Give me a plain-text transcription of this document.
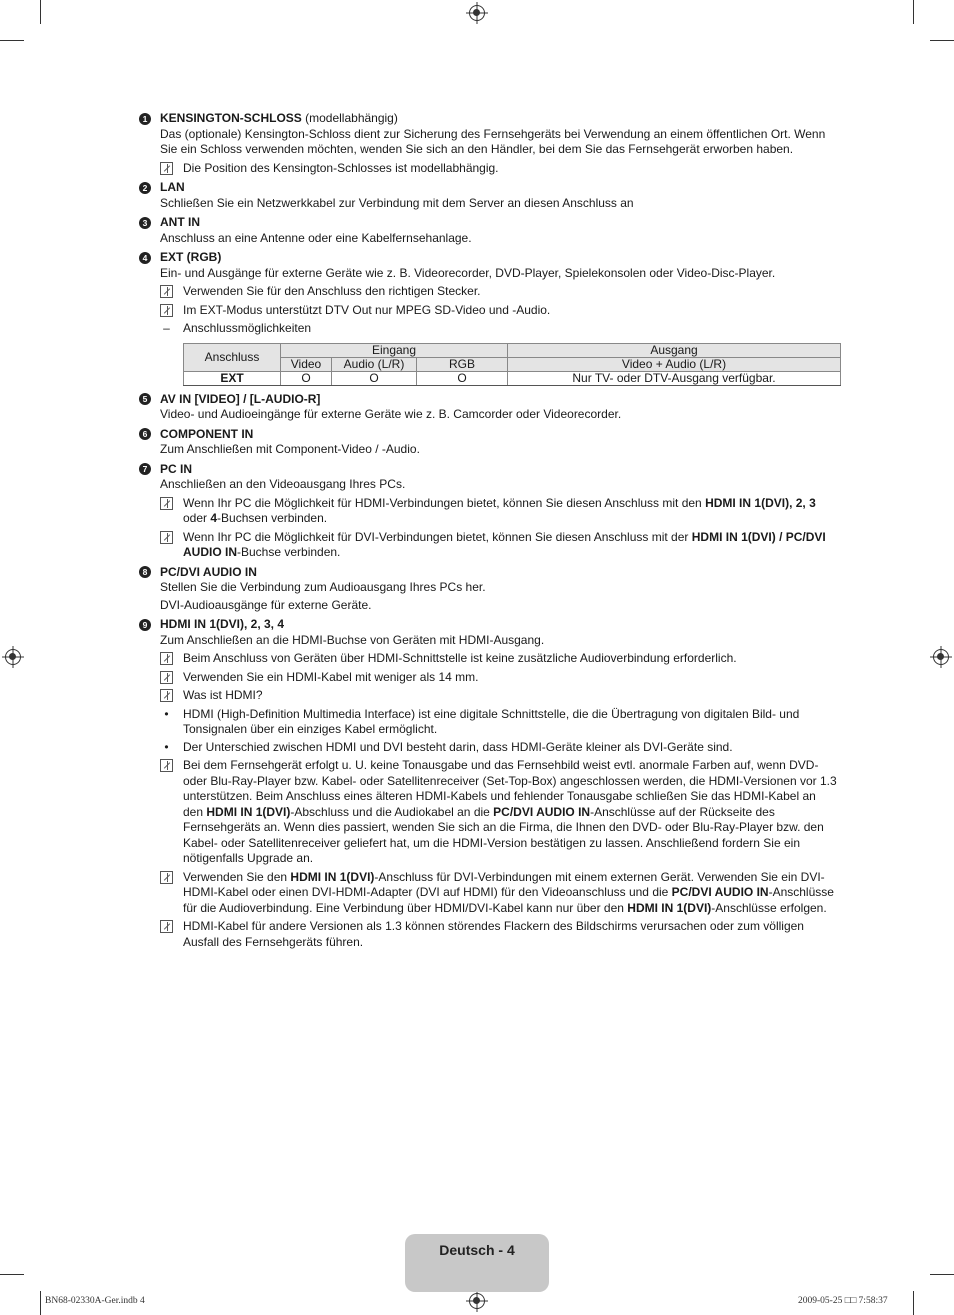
1	KENSINGTON-SCHLOSS (modellabhängig)

Das (optionale) Kensington-Schloss dient zur Sicherung des Fernsehgeräts bei Verwendung an einem öffentlichen Ort. Wenn Sie ein Schloss verwenden möchten, wenden Sie sich an den Händler, bei dem Sie das Fernsehgerät erworben haben.

Die Position des Kensington-Schlosses ist modellabhängig.
2	LAN

Schließen Sie ein Netzwerkkabel zur Verbindung mit dem Server an diesen Anschluss an

3	ANT IN

Anschluss an eine Antenne oder eine Kabelfernsehanlage.

4	EXT (RGB)

Ein- und Ausgänge für externe Geräte wie z. B. Videorecorder, DVD-Player, Spielekonsolen oder Video-Disc-Player.

Verwenden Sie für den Anschluss den richtigen Stecker.
Im EXT-Modus unterstützt DTV Out nur MPEG SD-Video und -Audio.
– Anschlussmöglichkeiten
Anschluss	Eingang			Ausgang
	Video	Audio (L/R)	RGB	Video + Audio (L/R)
EXT	O	O	O	Nur TV- oder DTV-Ausgang verfügbar.
5	AV IN [VIDEO] / [L-AUDIO-R]

Video- und Audioeingänge für externe Geräte wie z. B. Camcorder oder Videorecorder.

6	COMPONENT IN

Zum Anschließen mit Component-Video / -Audio.

7	PC IN

Anschließen an den Videoausgang Ihres PCs.

Wenn Ihr PC die Möglichkeit für HDMI-Verbindungen bietet, können Sie diesen Anschluss mit den HDMI IN 1(DVI), 2, 3 oder 4-Buchsen verbinden.
Wenn Ihr PC die Möglichkeit für DVI-Verbindungen bietet, können Sie diesen Anschluss mit der HDMI IN 1(DVI) / PC/DVI AUDIO IN-Buchse verbinden.
8	PC/DVI AUDIO IN

Stellen Sie die Verbindung zum Audioausgang Ihres PCs her.

DVI-Audioausgänge für externe Geräte.

9	HDMI IN 1(DVI), 2, 3, 4

Zum Anschließen an die HDMI-Buchse von Geräten mit HDMI-Ausgang.

Beim Anschluss von Geräten über HDMI-Schnittstelle ist keine zusätzliche Audioverbindung erforderlich.
Verwenden Sie ein HDMI-Kabel mit weniger als 14 mm.
Was ist HDMI?
•	HDMI (High-Definition Multimedia Interface) ist eine digitale Schnittstelle, die die Übertragung von digitalen Bild- und Tonsignalen über ein einziges Kabel ermöglicht.
•	Der Unterschied zwischen HDMI und DVI besteht darin, dass HDMI-Geräte kleiner als DVI-Geräte sind.
Bei dem Fernsehgerät erfolgt u. U. keine Tonausgabe und das Fernsehbild weist evtl. anormale Farben auf, wenn DVD- oder Blu-Ray-Player bzw. Kabel- oder Satellitenreceiver (Set-Top-Box) angeschlossen werden, die HDMI-Versionen vor 1.3 unterstützen. Beim Anschluss eines älteren HDMI-Kabels und fehlender Tonausgabe schließen Sie das HDMI-Kabel an den HDMI IN 1(DVI)-Abschluss und die Audiokabel an die PC/DVI AUDIO IN-Anschlüsse auf der Rückseite des Fernsehgeräts an. Wenn dies passiert, wenden Sie sich an die Firma, die Ihnen den DVD- oder Blu-Ray-Player bzw. den Kabel- oder Satellitenreceiver geliefert hat, um die HDMI-Version bestätigen zu lassen. Anschließend fordern Sie ein nötigenfalls Upgrade an.
Verwenden Sie den HDMI IN 1(DVI)-Anschluss für DVI-Verbindungen mit einem externen Gerät. Verwenden Sie ein DVI-HDMI-Kabel oder einen DVI-HDMI-Adapter (DVI auf HDMI) für den Videoanschluss und die PC/DVI AUDIO IN-Anschlüsse für die Audioverbindung. Eine Verbindung über HDMI/DVI-Kabel kann nur über den HDMI IN 1(DVI)-Anschlüsse erfolgen.
HDMI-Kabel für andere Versionen als 1.3 können störendes Flackern des Bildschirms verursachen oder zum völligen Ausfall des Fernsehgeräts führen.
Deutsch - 4
BN68-02330A-Ger.indb 4	2009-05-25 □□ 7:58:37
